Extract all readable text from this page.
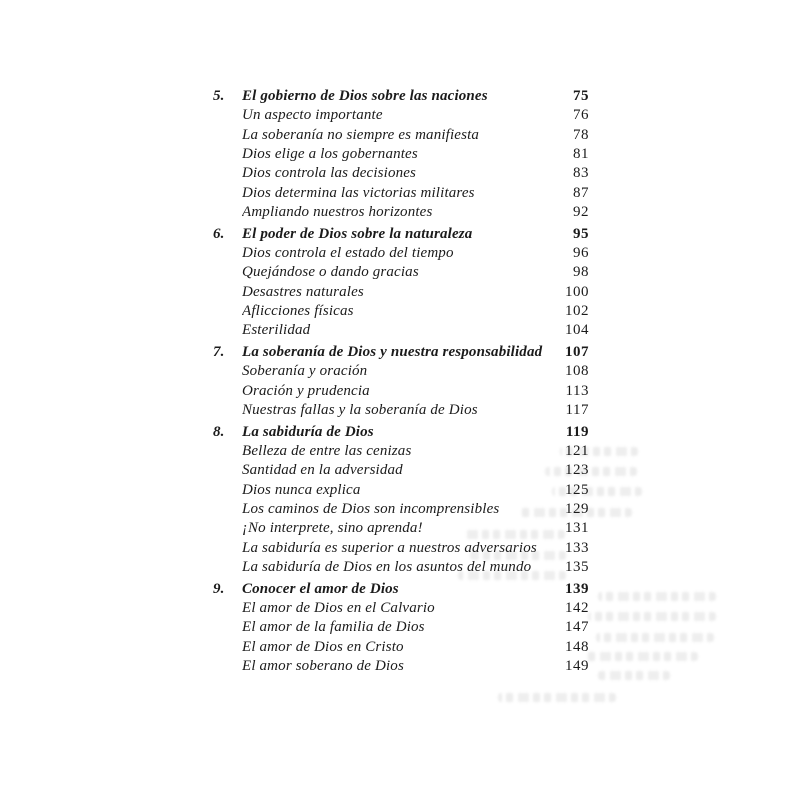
5.	El gobierno de Dios sobre las naciones	75
Un aspecto importante	76
La soberanía no siempre es manifiesta	78
Dios elige a los gobernantes	81
Dios controla las decisiones	83
Dios determina las victorias militares	87
Ampliando nuestros horizontes	92
6.	El poder de Dios sobre la naturaleza	95
Dios controla el estado del tiempo	96
Quejándose o dando gracias	98
Desastres naturales	100
Aflicciones físicas	102
Esterilidad	104
7.	La soberanía de Dios y nuestra responsabilidad	107
Soberanía y oración	108
Oración y prudencia	113
Nuestras fallas y la soberanía de Dios	117
8.	La sabiduría de Dios	119
Belleza de entre las cenizas	121
Santidad en la adversidad	123
Dios nunca explica	125
Los caminos de Dios son incomprensibles	129
¡No interprete, sino aprenda!	131
La sabiduría es superior a nuestros adversarios	133
La sabiduría de Dios en los asuntos del mundo	135
9.	Conocer el amor de Dios	139
El amor de Dios en el Calvario	142
El amor de la familia de Dios	147
El amor de Dios en Cristo	148
El amor soberano de Dios	149
